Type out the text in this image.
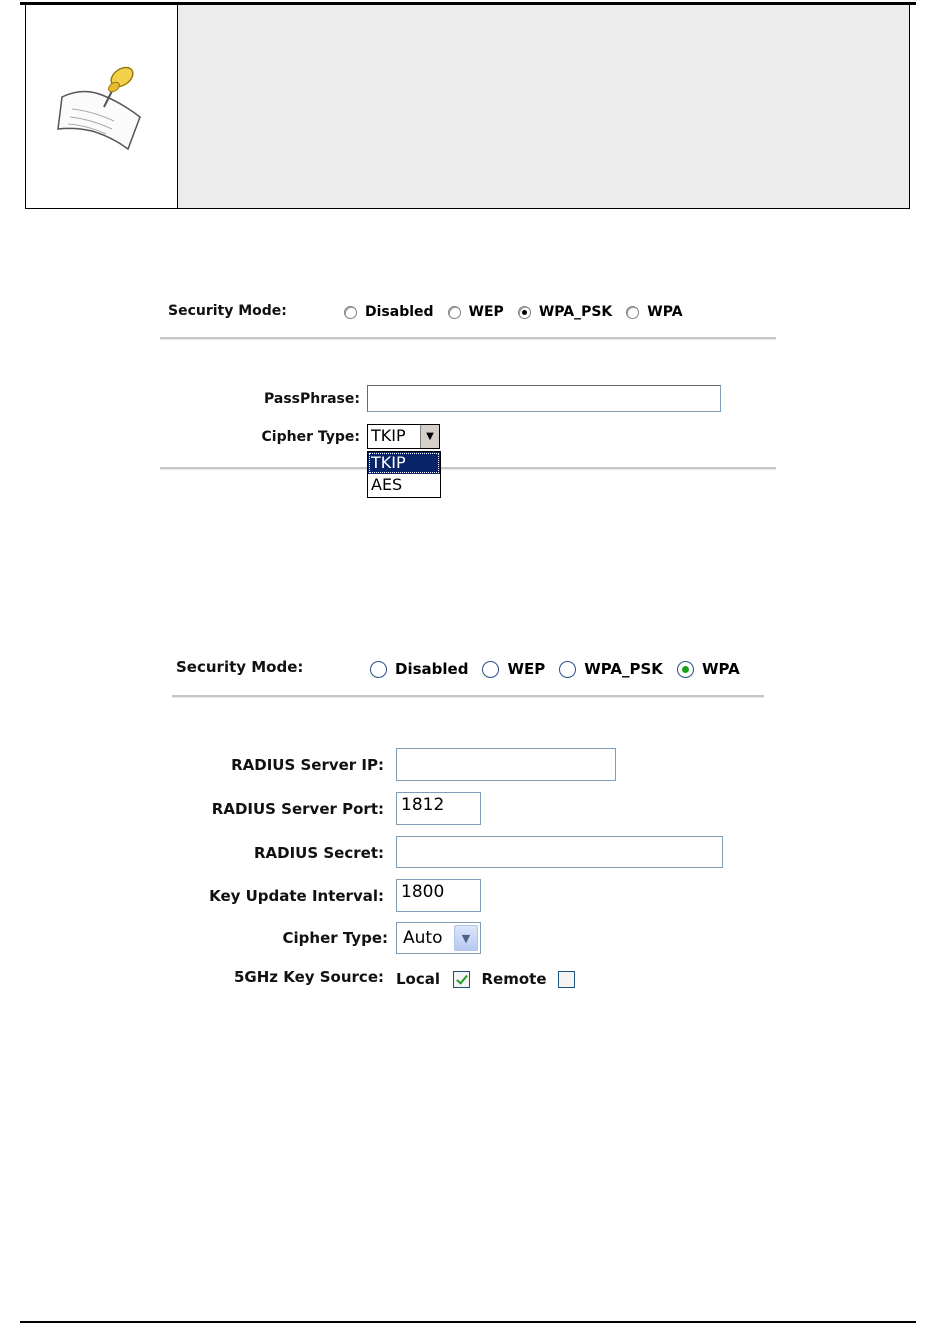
Security Mode:	Disabled	WEP	WPA_PSK	WPA
PassPhrase:
Cipher Type: TKIP	▼
TKIP
AES
Security Mode:	Disabled	WEP	WPA_PSK	WPA
RADIUS Server IP:
RADIUS Server Port: 1812
RADIUS Secret:
Key Update Interval: 1800
Cipher Type: Auto	▼
5GHz Key Source: Local	Remote
